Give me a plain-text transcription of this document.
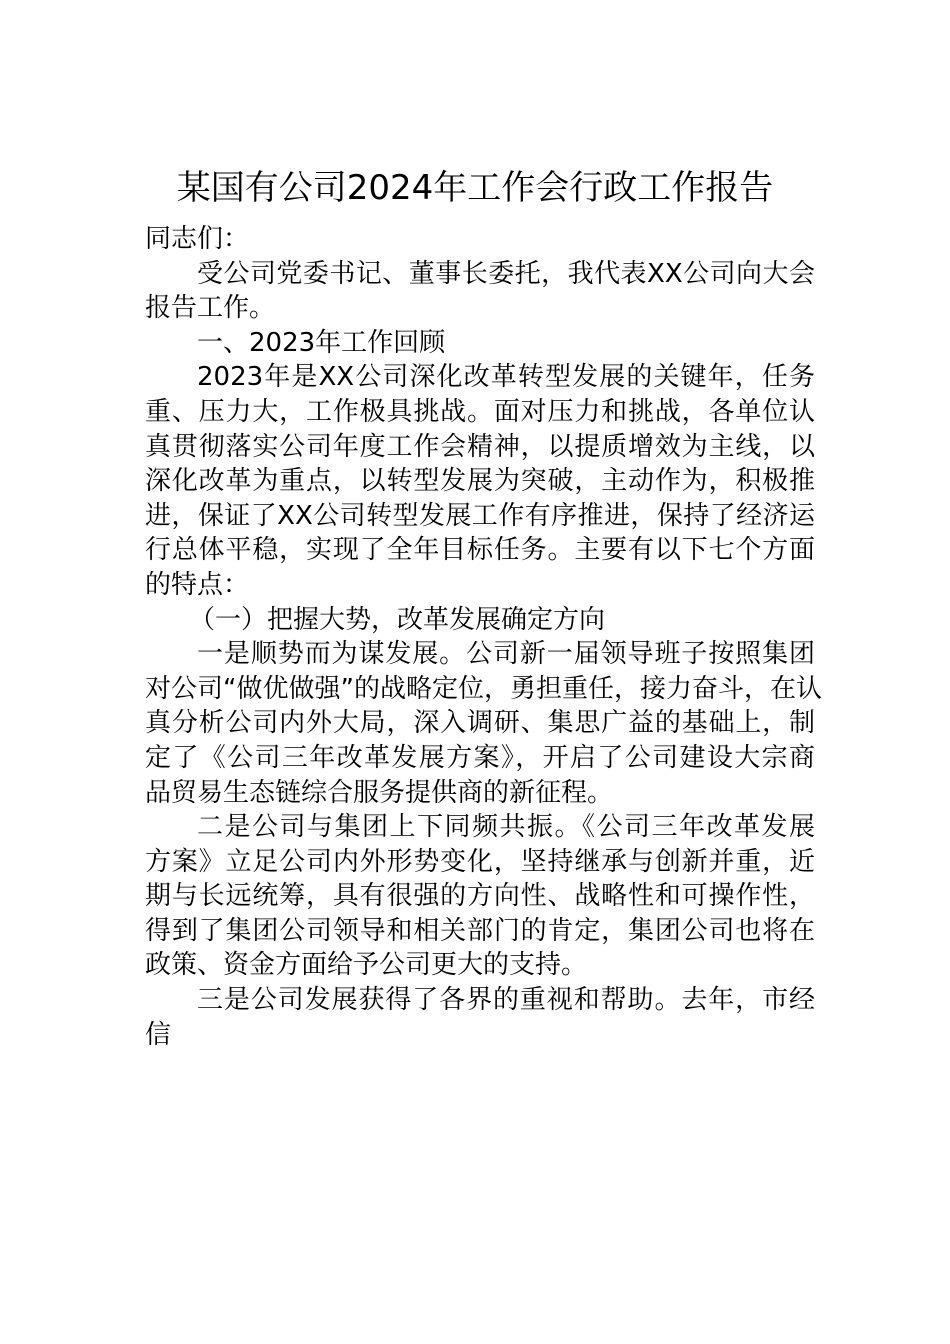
某国有公司2024年工作会行政工作报告
同志们：
受公司党委书记、董事长委托，我代表XX公司向大会
报告工作。
一、2023年工作回顾
2023年是XX公司深化改革转型发展的关键年，任务
重、压力大，工作极具挑战。面对压力和挑战，各单位认
真贯彻落实公司年度工作会精神，以提质增效为主线，以
深化改革为重点，以转型发展为突破，主动作为，积极推
进，保证了XX公司转型发展工作有序推进，保持了经济运
行总体平稳，实现了全年目标任务。主要有以下七个方面
的特点：
（一）把握大势，改革发展确定方向
一是顺势而为谋发展。公司新一届领导班子按照集团
对公司“做优做强”的战略定位，勇担重任，接力奋斗，在认
真分析公司内外大局，深入调研、集思广益的基础上，制
定了《公司三年改革发展方案》，开启了公司建设大宗商
品贸易生态链综合服务提供商的新征程。
二是公司与集团上下同频共振。《公司三年改革发展
方案》立足公司内外形势变化，坚持继承与创新并重，近
期与长远统筹，具有很强的方向性、战略性和可操作性，
得到了集团公司领导和相关部门的肯定，集团公司也将在
政策、资金方面给予公司更大的支持。
三是公司发展获得了各界的重视和帮助。去年，市经
信
